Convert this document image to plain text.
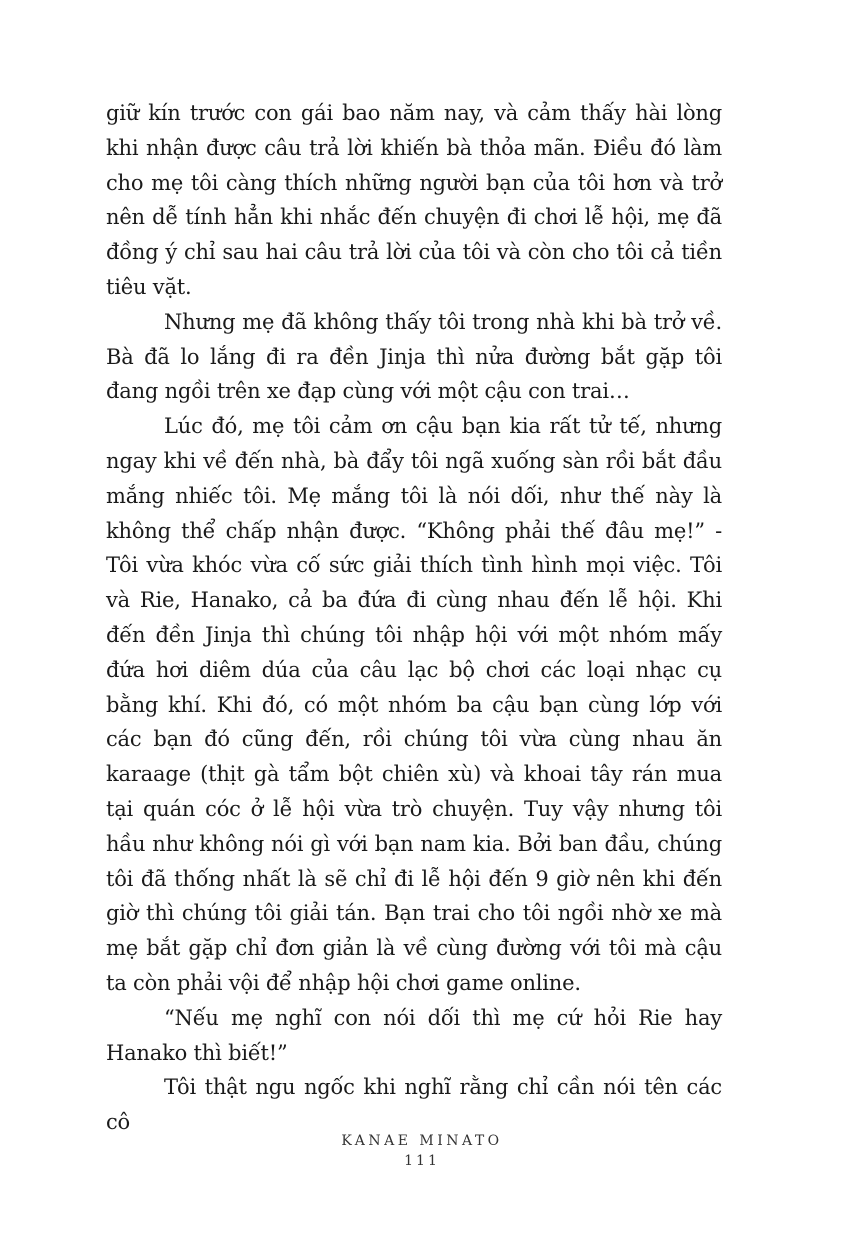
giữ kín trước con gái bao năm nay, và cảm thấy hài lòng khi nhận được câu trả lời khiến bà thỏa mãn. Điều đó làm cho mẹ tôi càng thích những người bạn của tôi hơn và trở nên dễ tính hẳn khi nhắc đến chuyện đi chơi lễ hội, mẹ đã đồng ý chỉ sau hai câu trả lời của tôi và còn cho tôi cả tiền tiêu vặt.

Nhưng mẹ đã không thấy tôi trong nhà khi bà trở về. Bà đã lo lắng đi ra đền Jinja thì nửa đường bắt gặp tôi đang ngồi trên xe đạp cùng với một cậu con trai…

Lúc đó, mẹ tôi cảm ơn cậu bạn kia rất tử tế, nhưng ngay khi về đến nhà, bà đẩy tôi ngã xuống sàn rồi bắt đầu mắng nhiếc tôi. Mẹ mắng tôi là nói dối, như thế này là không thể chấp nhận được. “Không phải thế đâu mẹ!” - Tôi vừa khóc vừa cố sức giải thích tình hình mọi việc. Tôi và Rie, Hanako, cả ba đứa đi cùng nhau đến lễ hội. Khi đến đền Jinja thì chúng tôi nhập hội với một nhóm mấy đứa hơi diêm dúa của câu lạc bộ chơi các loại nhạc cụ bằng khí. Khi đó, có một nhóm ba cậu bạn cùng lớp với các bạn đó cũng đến, rồi chúng tôi vừa cùng nhau ăn karaage (thịt gà tẩm bột chiên xù) và khoai tây rán mua tại quán cóc ở lễ hội vừa trò chuyện. Tuy vậy nhưng tôi hầu như không nói gì với bạn nam kia. Bởi ban đầu, chúng tôi đã thống nhất là sẽ chỉ đi lễ hội đến 9 giờ nên khi đến giờ thì chúng tôi giải tán. Bạn trai cho tôi ngồi nhờ xe mà mẹ bắt gặp chỉ đơn giản là về cùng đường với tôi mà cậu ta còn phải vội để nhập hội chơi game online.

“Nếu mẹ nghĩ con nói dối thì mẹ cứ hỏi Rie hay Hanako thì biết!”

Tôi thật ngu ngốc khi nghĩ rằng chỉ cần nói tên các cô

KANAE MINATO
111
